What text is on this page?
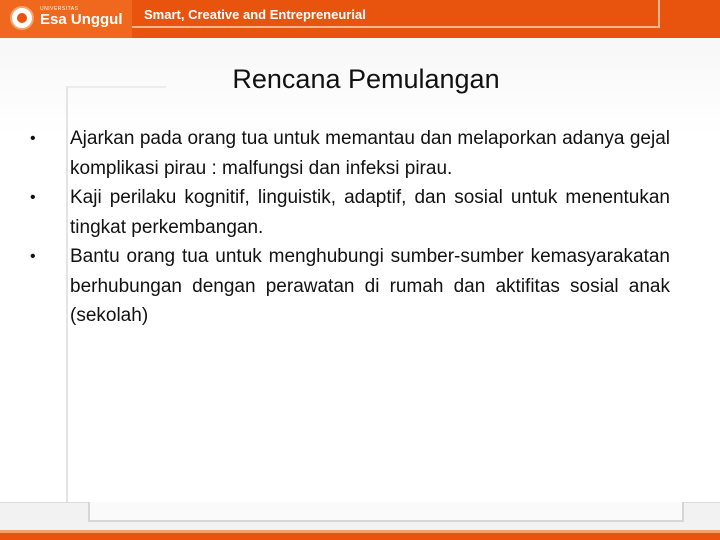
UNIVERSITAS
Esa Unggul Smart, Creative and Entrepreneurial
Rencana Pemulangan
•	Ajarkan pada orang tua untuk memantau dan melaporkan adanya gejal komplikasi pirau : malfungsi dan infeksi pirau.
•	Kaji perilaku kognitif, linguistik, adaptif, dan sosial untuk menentukan tingkat perkembangan.
•	Bantu orang tua untuk menghubungi sumber-sumber kemasyarakatan berhubungan dengan perawatan di rumah dan aktifitas sosial anak (sekolah)
